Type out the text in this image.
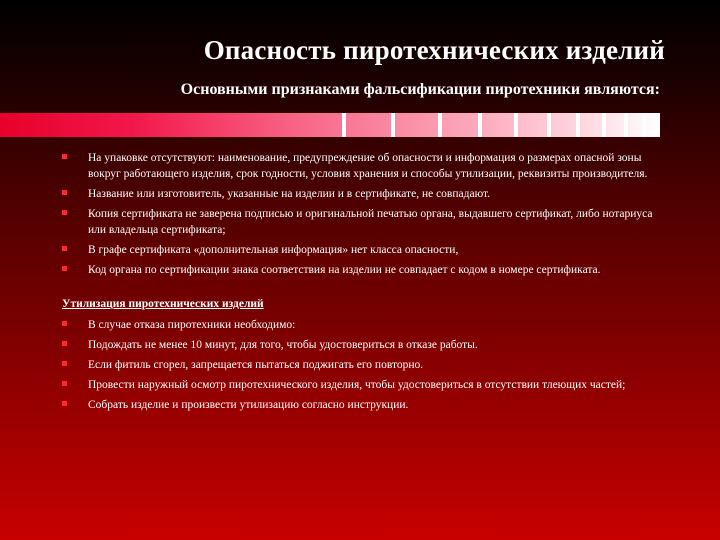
Опасность пиротехнических изделий
Основными признаками фальсификации пиротехники являются:
На упаковке отсутствуют: наименование, предупреждение об опасности и информация о размерах опасной зоны вокруг работающего изделия, срок годности, условия хранения и способы утилизации, реквизиты производителя.
Название или изготовитель, указанные на изделии и в сертификате, не совпадают.
Копия сертификата не заверена подписью и оригинальной печатью органа, выдавшего сертификат, либо нотариуса или владельца сертификата;
В графе сертификата «дополнительная информация» нет класса опасности,
Код органа по сертификации знака соответствия на изделии не совпадает с кодом в номере сертификата.
Утилизация пиротехнических изделий
В случае отказа пиротехники необходимо:
Подождать не менее 10 минут, для того, чтобы удостовериться в отказе работы.
Если фитиль сгорел, запрещается пытаться поджигать его повторно.
Провести наружный осмотр пиротехнического изделия, чтобы удостовериться в отсутствии тлеющих частей;
Собрать изделие и произвести утилизацию согласно инструкции.
